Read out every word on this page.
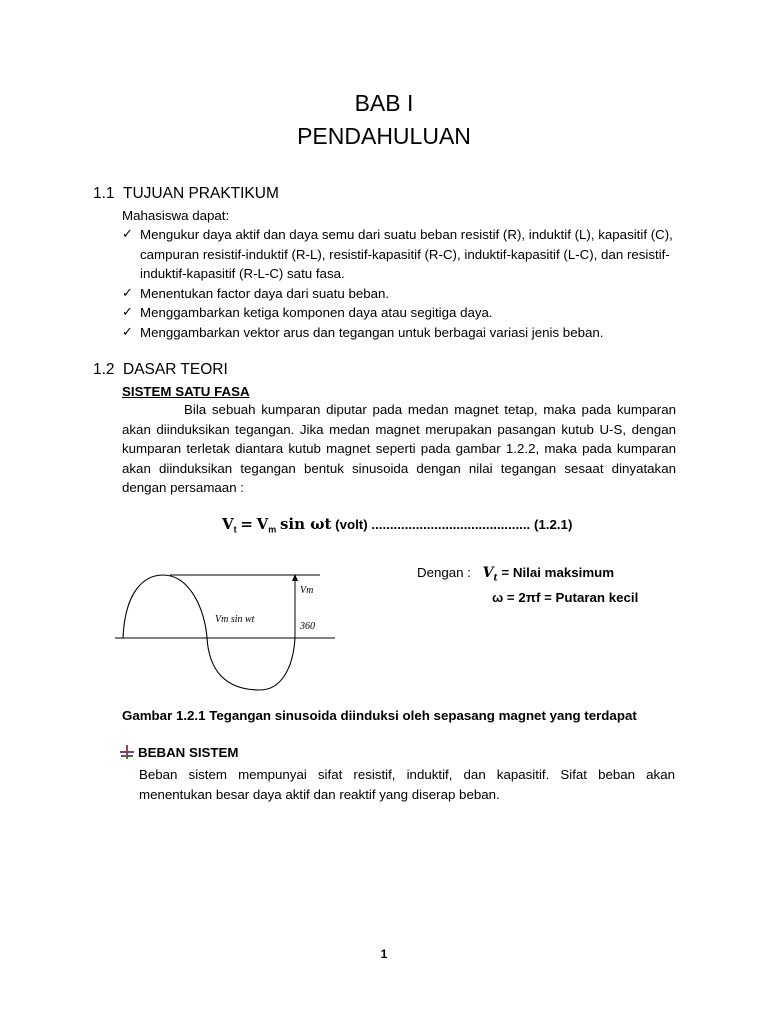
BAB I
PENDAHULUAN
1.1 TUJUAN PRAKTIKUM
Mahasiswa dapat:
✓ Mengukur daya aktif dan daya semu dari suatu beban resistif (R), induktif (L), kapasitif (C), campuran resistif-induktif (R-L), resistif-kapasitif (R-C), induktif-kapasitif (L-C), dan resistif-induktif-kapasitif (R-L-C) satu fasa.
✓ Menentukan factor daya dari suatu beban.
✓ Menggambarkan ketiga komponen daya atau segitiga daya.
✓ Menggambarkan vektor arus dan tegangan untuk berbagai variasi jenis beban.
1.2 DASAR TEORI
SISTEM SATU FASA
Bila sebuah kumparan diputar pada medan magnet tetap, maka pada kumparan akan diinduksikan tegangan. Jika medan magnet merupakan pasangan kutub U-S, dengan kumparan terletak diantara kutub magnet seperti pada gambar 1.2.2, maka pada kumparan akan diinduksikan tegangan bentuk sinusoida dengan nilai tegangan sesaat dinyatakan dengan persamaan :
$V_t = V_m$ sin ωt (volt) ........................................... (1.2.1)
Vm
Vm sin wt
360
Dengan : $V_t$ = Nilai maksimum
ω = 2πf = Putaran kecil
Gambar 1.2.1 Tegangan sinusoida diinduksi oleh sepasang magnet yang terdapat
BEBAN SISTEM
Beban sistem mempunyai sifat resistif, induktif, dan kapasitif. Sifat beban akan menentukan besar daya aktif dan reaktif yang diserap beban.
1
